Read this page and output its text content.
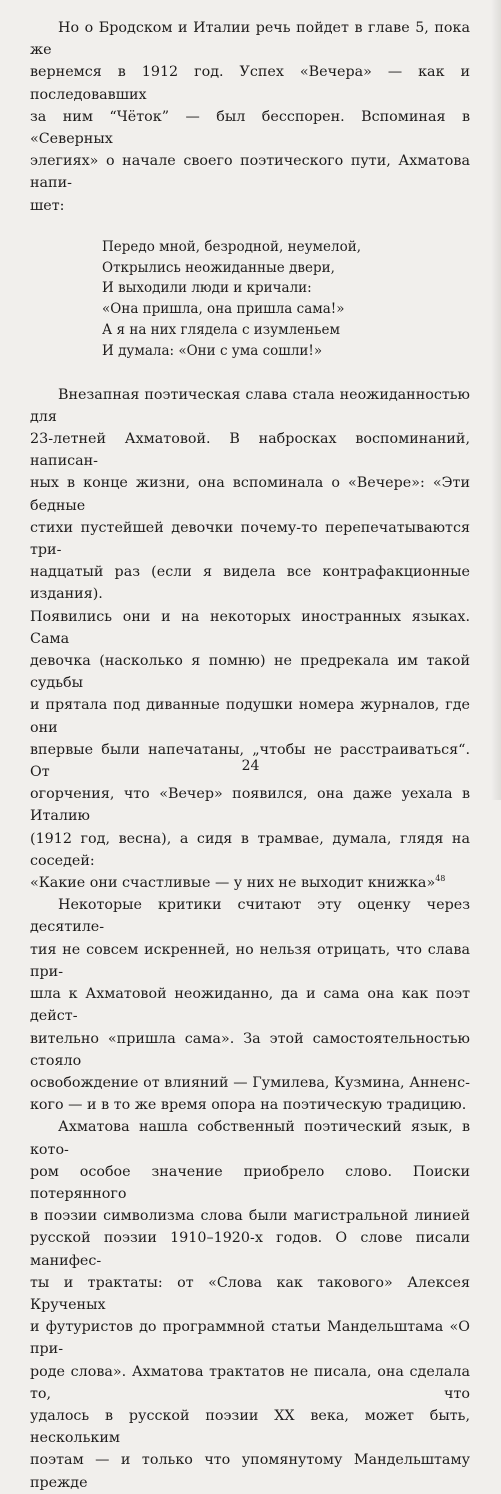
Но о Бродском и Италии речь пойдет в главе 5, пока же
вернемся в 1912 год. Успех «Вечера» — как и последовавших
за ним “Чёток” — был бесспорен. Вспоминая в «Северных
элегиях» о начале своего поэтического пути, Ахматова напи-
шет:

Передо мной, безродной, неумелой,
Открылись неожиданные двери,
И выходили люди и кричали:
«Она пришла, она пришла сама!»
А я на них глядела с изумленьем
И думала: «Они с ума сошли!»

Внезапная поэтическая слава стала неожиданностью для
23-летней Ахматовой. В набросках воспоминаний, написан-
ных в конце жизни, она вспоминала о «Вечере»: «Эти бедные
стихи пустейшей девочки почему-то перепечатываются три-
надцатый раз (если я видела все контрафакционные издания).
Появились они и на некоторых иностранных языках. Сама
девочка (насколько я помню) не предрекала им такой судьбы
и прятала под диванные подушки номера журналов, где они
впервые были напечатаны, „чтобы не расстраиваться“. От
огорчения, что «Вечер» появился, она даже уехала в Италию
(1912 год, весна), а сидя в трамвае, думала, глядя на соседей:
«Какие они счастливые — у них не выходит книжка»$^{48}$

Некоторые критики считают эту оценку через десятиле-
тия не совсем искренней, но нельзя отрицать, что слава при-
шла к Ахматовой неожиданно, да и сама она как поэт дейст-
вительно «пришла сама». За этой самостоятельностью стояло
освобождение от влияний — Гумилева, Кузмина, Анненс-
кого — и в то же время опора на поэтическую традицию.

Ахматова нашла собственный поэтический язык, в кото-
ром особое значение приобрело слово. Поиски потерянного
в поэзии символизма слова были магистральной линией
русской поэзии 1910–1920-х годов. О слове писали манифес-
ты и трактаты: от «Слова как такового» Алексея Крученых
и футуристов до программной статьи Мандельштама «О при-
роде слова». Ахматова трактатов не писала, она сделала то, что
удалось в русской поэзии XX века, может быть, нескольким
поэтам — и только что упомянутому Мандельштаму прежде

24
